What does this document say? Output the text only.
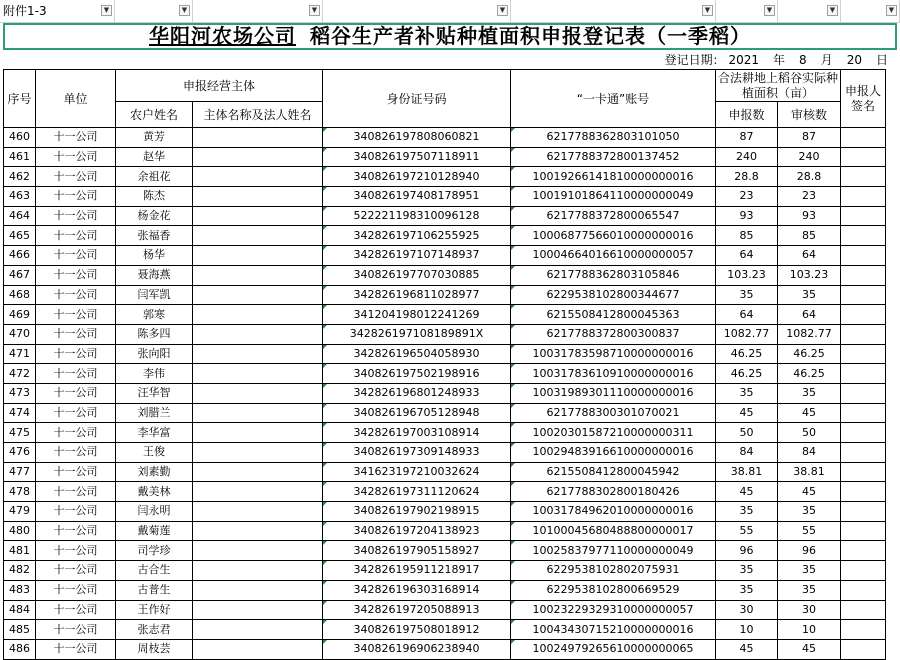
附件1-3	▼	▼	▼	▼	▼	▼	▼	▼
华阳河农场公司 稻谷生产者补贴种植面积申报登记表（一季稻）
登记日期： 2021 年 8 月 20 日
序号	单位	申报经营主体		身份证号码	“一卡通”账号	合法耕地上稻谷实际种植面积（亩）		申报人签名
		农户姓名	主体名称及法人姓名			申报数	审核数	
460	十一公司	黄芳		340826197808060821	6217788362803101050	87	87	
461	十一公司	赵华		340826197507118911	6217788372800137452	240	240	
462	十一公司	余祖花		340826197210128940	10019266141810000000016	28.8	28.8	
463	十一公司	陈杰		340826197408178951	10019101864110000000049	23	23	
464	十一公司	杨金花		522221198310096128	6217788372800065547	93	93	
465	十一公司	张福香		342826197106255925	10006877566010000000016	85	85	
466	十一公司	杨华		342826197107148937	10004664016610000000057	64	64	
467	十一公司	聂海燕		340826197707030885	6217788362803105846	103.23	103.23	
468	十一公司	闫军凯		342826196811028977	6229538102800344677	35	35	
469	十一公司	郭寒		341204198012241269	6215508412800045363	64	64	
470	十一公司	陈多四		342826197108189891X	6217788372800300837	1082.77	1082.77	
471	十一公司	张向阳		342826196504058930	10031783598710000000016	46.25	46.25	
472	十一公司	李伟		340826197502198916	10031783610910000000016	46.25	46.25	
473	十一公司	汪华智		342826196801248933	10031989301110000000016	35	35	
474	十一公司	刘腊兰		340826196705128948	6217788300301070021	45	45	
475	十一公司	李华富		342826197003108914	10020301587210000000311	50	50	
476	十一公司	王俊		340826197309148933	10029483916610000000016	84	84	
477	十一公司	刘素勤		341623197210032624	6215508412800045942	38.81	38.81	
478	十一公司	戴美林		342826197311120624	6217788302800180426	45	45	
479	十一公司	闫永明		340826197902198915	10031784962010000000016	35	35	
480	十一公司	戴菊莲		340826197204138923	10100045680488800000017	55	55	
481	十一公司	司学珍		340826197905158927	10025837977110000000049	96	96	
482	十一公司	古合生		342826195911218917	6229538102802075931	35	35	
483	十一公司	古普生		342826196303168914	6229538102800669529	35	35	
484	十一公司	王作好		342826197205088913	10023229329310000000057	30	30	
485	十一公司	张志君		340826197508018912	10043430715210000000016	10	10	
486	十一公司	周枝芸		340826196906238940	10024979265610000000065	45	45	
